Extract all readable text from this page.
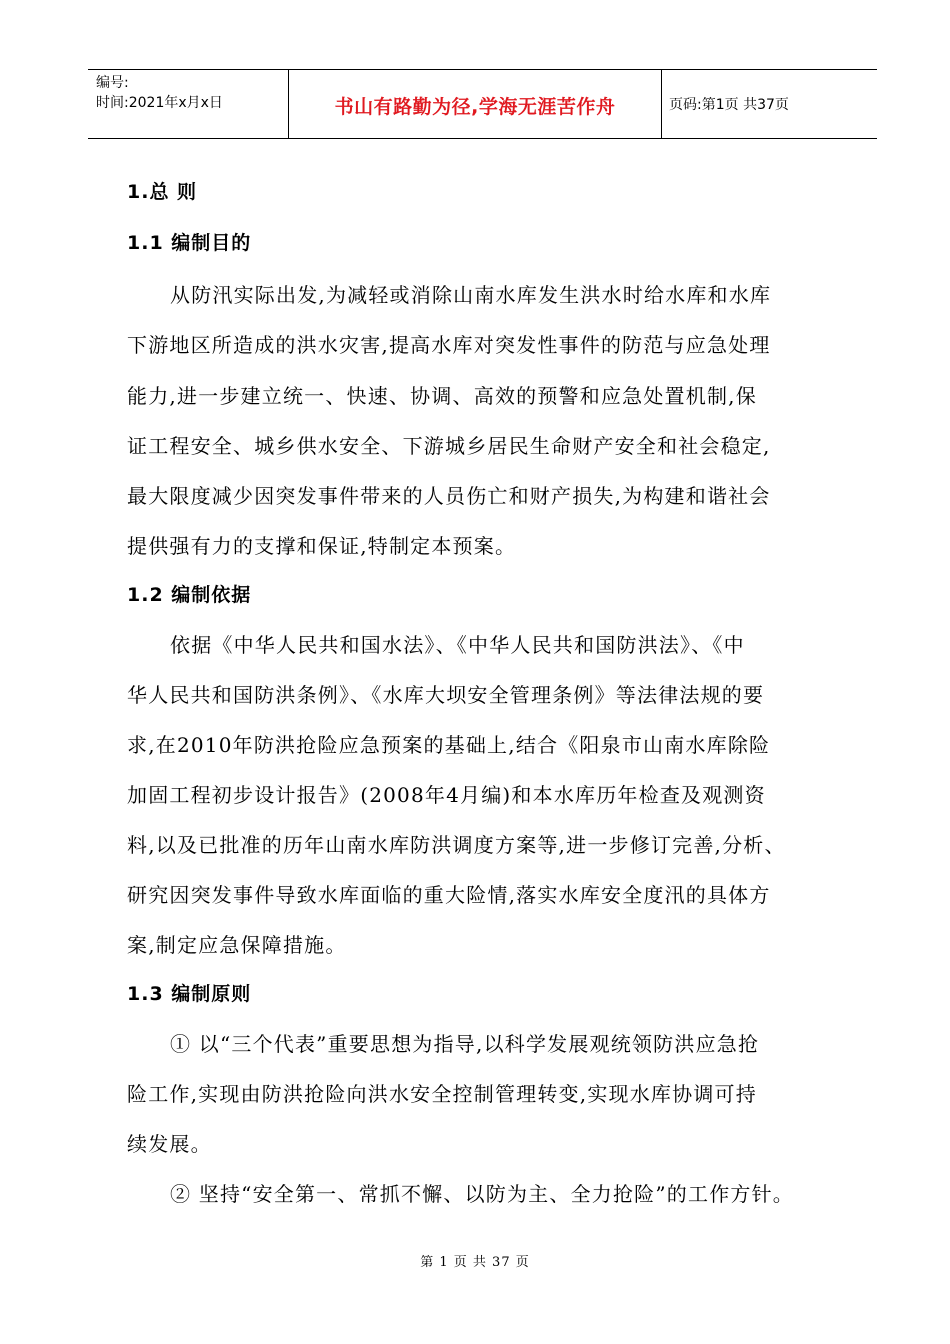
编号:
时间:2021年x月x日	书山有路勤为径,学海无涯苦作舟	页码:第1页 共37页
1.总 则
1.1 编制目的
从防汛实际出发,为减轻或消除山南水库发生洪水时给水库和水库
下游地区所造成的洪水灾害,提高水库对突发性事件的防范与应急处理
能力,进一步建立统一、快速、协调、高效的预警和应急处置机制,保
证工程安全、城乡供水安全、下游城乡居民生命财产安全和社会稳定,
最大限度减少因突发事件带来的人员伤亡和财产损失,为构建和谐社会
提供强有力的支撑和保证,特制定本预案。
1.2 编制依据
依据《中华人民共和国水法》、《中华人民共和国防洪法》、《中
华人民共和国防洪条例》、《水库大坝安全管理条例》等法律法规的要
求,在2010年防洪抢险应急预案的基础上,结合《阳泉市山南水库除险
加固工程初步设计报告》(2008年4月编)和本水库历年检查及观测资
料,以及已批准的历年山南水库防洪调度方案等,进一步修订完善,分析、
研究因突发事件导致水库面临的重大险情,落实水库安全度汛的具体方
案,制定应急保障措施。
1.3 编制原则
① 以“三个代表”重要思想为指导,以科学发展观统领防洪应急抢
险工作,实现由防洪抢险向洪水安全控制管理转变,实现水库协调可持
续发展。
② 坚持“安全第一、常抓不懈、以防为主、全力抢险”的工作方针。
第 1 页 共 37 页
